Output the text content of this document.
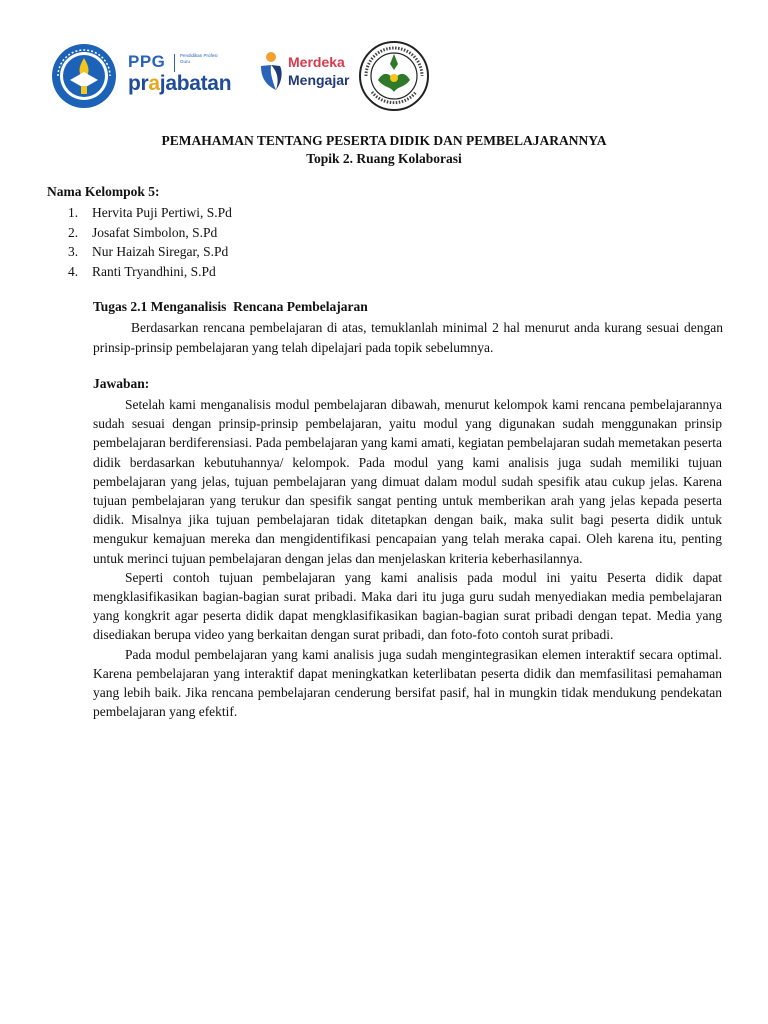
PPG	Pendidikan Profesi Guru
prajabatan
Merdeka
Mengajar
PEMAHAMAN TENTANG PESERTA DIDIK DAN PEMBELAJARANNYA
Topik 2. Ruang Kolaborasi
Nama Kelompok 5:
1. Hervita Puji Pertiwi, S.Pd
2. Josafat Simbolon, S.Pd
3. Nur Haizah Siregar, S.Pd
4. Ranti Tryandhini, S.Pd
Tugas 2.1 Menganalisis  Rencana Pembelajaran

Berdasarkan rencana pembelajaran di atas, temuklanlah minimal 2 hal menurut anda kurang sesuai dengan prinsip-prinsip pembelajaran yang telah dipelajari pada topik sebelumnya.

Jawaban:

Setelah kami menganalisis modul pembelajaran dibawah, menurut kelompok kami rencana pembelajarannya sudah sesuai dengan prinsip-prinsip pembelajaran, yaitu modul yang digunakan sudah menggunakan prinsip pembelajaran berdiferensiasi. Pada pembelajaran yang kami amati, kegiatan pembelajaran sudah memetakan peserta didik berdasarkan kebutuhannya/ kelompok. Pada modul yang kami analisis juga sudah memiliki tujuan pembelajaran yang jelas, tujuan pembelajaran yang dimuat dalam modul sudah spesifik atau cukup jelas. Karena tujuan pembelajaran yang terukur dan spesifik sangat penting untuk memberikan arah yang jelas kepada peserta didik. Misalnya jika tujuan pembelajaran tidak ditetapkan dengan baik, maka sulit bagi peserta didik untuk mengukur kemajuan mereka dan mengidentifikasi pencapaian yang telah meraka capai. Oleh karena itu, penting untuk merinci tujuan pembelajaran dengan jelas dan menjelaskan kriteria keberhasilannya.

Seperti contoh tujuan pembelajaran yang kami analisis pada modul ini yaitu Peserta didik dapat mengklasifikasikan bagian-bagian surat pribadi. Maka dari itu juga guru sudah menyediakan media pembelajaran yang kongkrit agar peserta didik dapat mengklasifikasikan bagian-bagian surat pribadi dengan tepat. Media yang disediakan berupa video yang berkaitan dengan surat pribadi, dan foto-foto contoh surat pribadi.

Pada modul pembelajaran yang kami analisis juga sudah mengintegrasikan elemen interaktif secara optimal. Karena pembelajaran yang interaktif dapat meningkatkan keterlibatan peserta didik dan memfasilitasi pemahaman yang lebih baik. Jika rencana pembelajaran cenderung bersifat pasif, hal in mungkin tidak mendukung pendekatan pembelajaran yang efektif.
